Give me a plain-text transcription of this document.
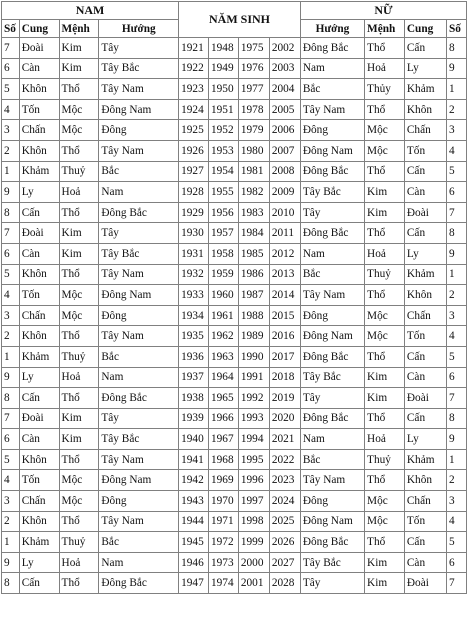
NAM				NĂM SINH				NỮ			
Số	Cung	Mệnh	Hướng					Hướng	Mệnh	Cung	Số
7	Đoài	Kim	Tây	1921	1948	1975	2002	Đông Bắc	Thổ	Cấn	8
6	Càn	Kim	Tây Bắc	1922	1949	1976	2003	Nam	Hoả	Ly	9
5	Khôn	Thổ	Tây Nam	1923	1950	1977	2004	Bắc	Thủy	Khảm	1
4	Tốn	Mộc	Đông Nam	1924	1951	1978	2005	Tây Nam	Thổ	Khôn	2
3	Chấn	Mộc	Đông	1925	1952	1979	2006	Đông	Mộc	Chấn	3
2	Khôn	Thổ	Tây Nam	1926	1953	1980	2007	Đông Nam	Mộc	Tốn	4
1	Khảm	Thuỷ	Bắc	1927	1954	1981	2008	Đông Bắc	Thổ	Cấn	5
9	Ly	Hoả	Nam	1928	1955	1982	2009	Tây Bắc	Kim	Càn	6
8	Cấn	Thổ	Đông Bắc	1929	1956	1983	2010	Tây	Kim	Đoài	7
7	Đoài	Kim	Tây	1930	1957	1984	2011	Đông Bắc	Thổ	Cấn	8
6	Càn	Kim	Tây Bắc	1931	1958	1985	2012	Nam	Hoả	Ly	9
5	Khôn	Thổ	Tây Nam	1932	1959	1986	2013	Bắc	Thuỷ	Khảm	1
4	Tốn	Mộc	Đông Nam	1933	1960	1987	2014	Tây Nam	Thổ	Khôn	2
3	Chấn	Mộc	Đông	1934	1961	1988	2015	Đông	Mộc	Chấn	3
2	Khôn	Thổ	Tây Nam	1935	1962	1989	2016	Đông Nam	Mộc	Tốn	4
1	Khảm	Thuỷ	Bắc	1936	1963	1990	2017	Đông Bắc	Thổ	Cấn	5
9	Ly	Hoả	Nam	1937	1964	1991	2018	Tây Bắc	Kim	Càn	6
8	Cấn	Thổ	Đông Bắc	1938	1965	1992	2019	Tây	Kim	Đoài	7
7	Đoài	Kim	Tây	1939	1966	1993	2020	Đông Bắc	Thổ	Cấn	8
6	Càn	Kim	Tây Bắc	1940	1967	1994	2021	Nam	Hoả	Ly	9
5	Khôn	Thổ	Tây Nam	1941	1968	1995	2022	Bắc	Thuỷ	Khảm	1
4	Tốn	Mộc	Đông Nam	1942	1969	1996	2023	Tây Nam	Thổ	Khôn	2
3	Chấn	Mộc	Đông	1943	1970	1997	2024	Đông	Mộc	Chấn	3
2	Khôn	Thổ	Tây Nam	1944	1971	1998	2025	Đông Nam	Mộc	Tốn	4
1	Khảm	Thuỷ	Bắc	1945	1972	1999	2026	Đông Bắc	Thổ	Cấn	5
9	Ly	Hoả	Nam	1946	1973	2000	2027	Tây Bắc	Kim	Càn	6
8	Cấn	Thổ	Đông Bắc	1947	1974	2001	2028	Tây	Kim	Đoài	7
